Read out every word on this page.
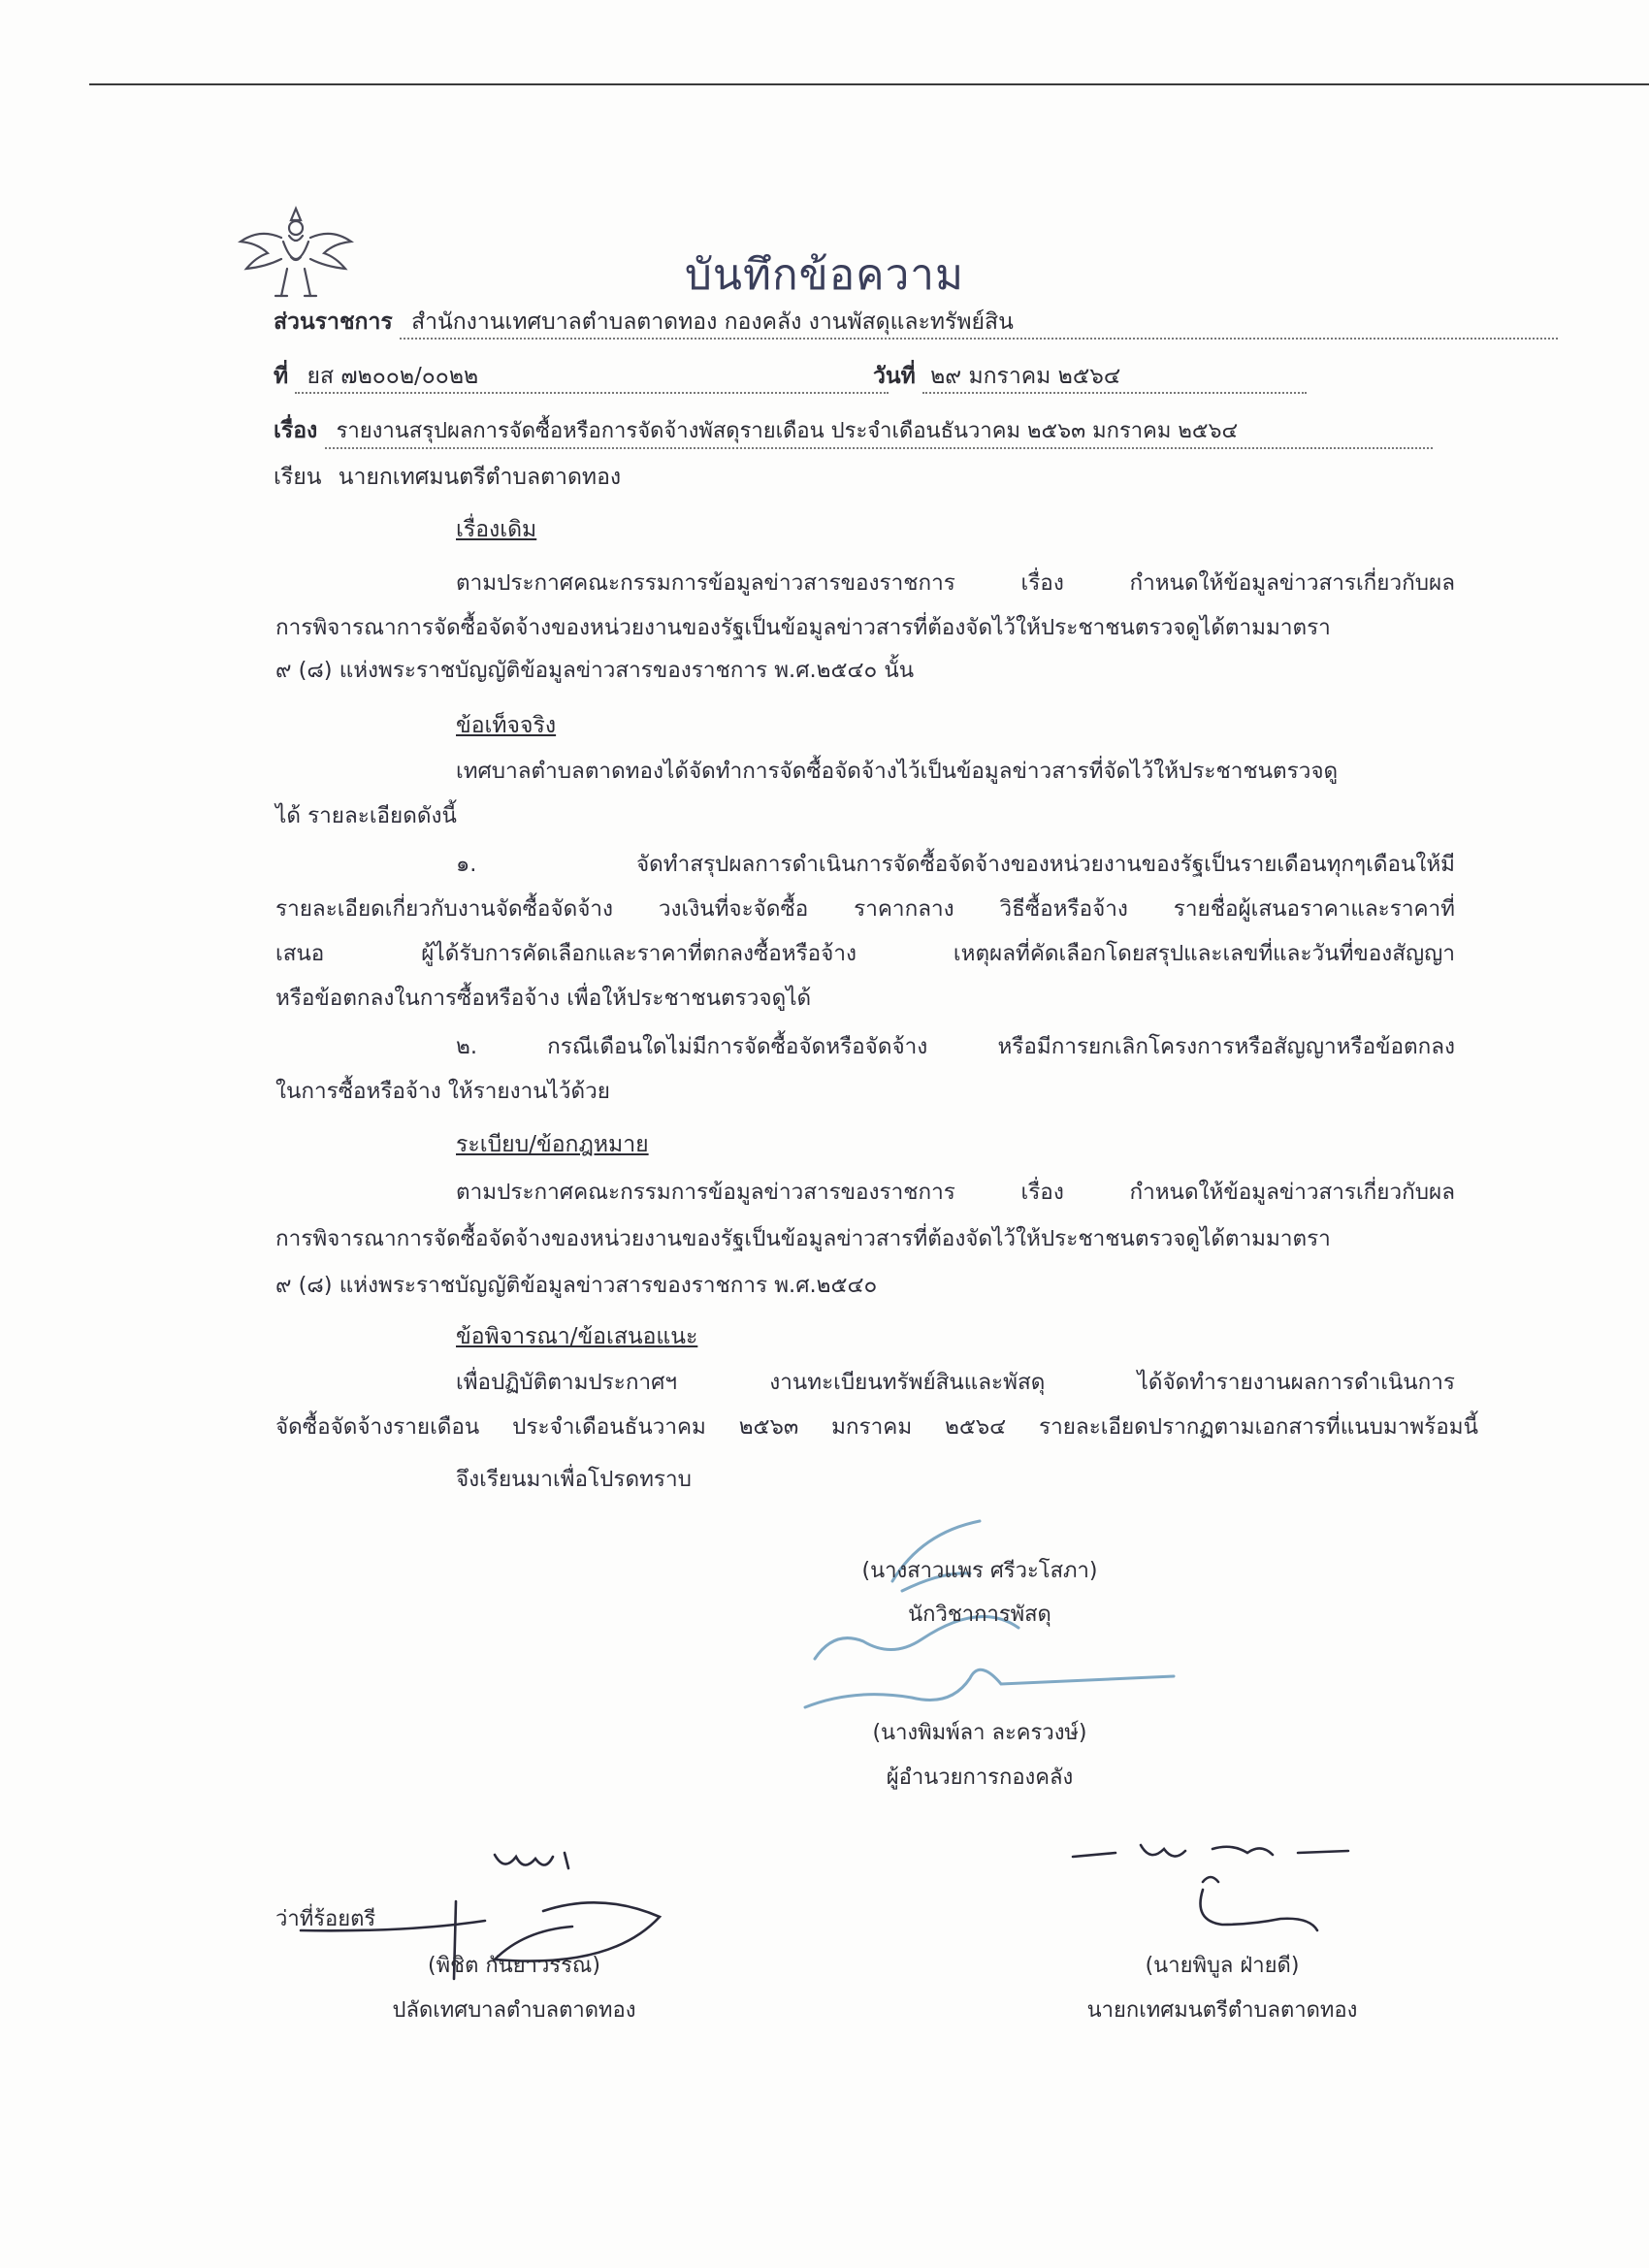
บันทึกข้อความ
ส่วนราชการ สำนักงานเทศบาลตำบลตาดทอง กองคลัง งานพัสดุและทรัพย์สิน
ที่ ยส ๗๒๐๐๒/๐๐๒๒	วันที่ ๒๙ มกราคม ๒๕๖๔
เรื่อง รายงานสรุปผลการจัดซื้อหรือการจัดจ้างพัสดุรายเดือน ประจำเดือนธันวาคม ๒๕๖๓ มกราคม ๒๕๖๔
เรียน นายกเทศมนตรีตำบลตาดทอง
เรื่องเดิม
ตามประกาศคณะกรรมการข้อมูลข่าวสารของราชการ เรื่อง กำหนดให้ข้อมูลข่าวสารเกี่ยวกับผล
การพิจารณาการจัดซื้อจัดจ้างของหน่วยงานของรัฐเป็นข้อมูลข่าวสารที่ต้องจัดไว้ให้ประชาชนตรวจดูได้ตามมาตรา
๙ (๘) แห่งพระราชบัญญัติข้อมูลข่าวสารของราชการ พ.ศ.๒๕๔๐ นั้น
ข้อเท็จจริง
เทศบาลตำบลตาดทองได้จัดทำการจัดซื้อจัดจ้างไว้เป็นข้อมูลข่าวสารที่จัดไว้ให้ประชาชนตรวจดู
ได้ รายละเอียดดังนี้
๑. จัดทำสรุปผลการดำเนินการจัดซื้อจัดจ้างของหน่วยงานของรัฐเป็นรายเดือนทุกๆเดือนให้มี
รายละเอียดเกี่ยวกับงานจัดซื้อจัดจ้าง วงเงินที่จะจัดซื้อ ราคากลาง วิธีซื้อหรือจ้าง รายชื่อผู้เสนอราคาและราคาที่
เสนอ ผู้ได้รับการคัดเลือกและราคาที่ตกลงซื้อหรือจ้าง เหตุผลที่คัดเลือกโดยสรุปและเลขที่และวันที่ของสัญญา
หรือข้อตกลงในการซื้อหรือจ้าง เพื่อให้ประชาชนตรวจดูได้
๒. กรณีเดือนใดไม่มีการจัดซื้อจัดหรือจัดจ้าง หรือมีการยกเลิกโครงการหรือสัญญาหรือข้อตกลง
ในการซื้อหรือจ้าง ให้รายงานไว้ด้วย
ระเบียบ/ข้อกฎหมาย
ตามประกาศคณะกรรมการข้อมูลข่าวสารของราชการ เรื่อง กำหนดให้ข้อมูลข่าวสารเกี่ยวกับผล
การพิจารณาการจัดซื้อจัดจ้างของหน่วยงานของรัฐเป็นข้อมูลข่าวสารที่ต้องจัดไว้ให้ประชาชนตรวจดูได้ตามมาตรา
๙ (๘) แห่งพระราชบัญญัติข้อมูลข่าวสารของราชการ พ.ศ.๒๕๔๐
ข้อพิจารณา/ข้อเสนอแนะ
เพื่อปฏิบัติตามประกาศฯ งานทะเบียนทรัพย์สินและพัสดุ ได้จัดทำรายงานผลการดำเนินการ
จัดซื้อจัดจ้างรายเดือน ประจำเดือนธันวาคม ๒๕๖๓ มกราคม ๒๕๖๔ รายละเอียดปรากฏตามเอกสารที่แนบมาพร้อมนี้
จึงเรียนมาเพื่อโปรดทราบ
(นางสาวแพร ศรีวะโสภา)
นักวิชาการพัสดุ
(นางพิมพ์ลา ละครวงษ์)
ผู้อำนวยการกองคลัง
ว่าที่ร้อยตรี
(พิชิต กันยาวรรณ)
ปลัดเทศบาลตำบลตาดทอง
(นายพิบูล ฝ่ายดี)
นายกเทศมนตรีตำบลตาดทอง
